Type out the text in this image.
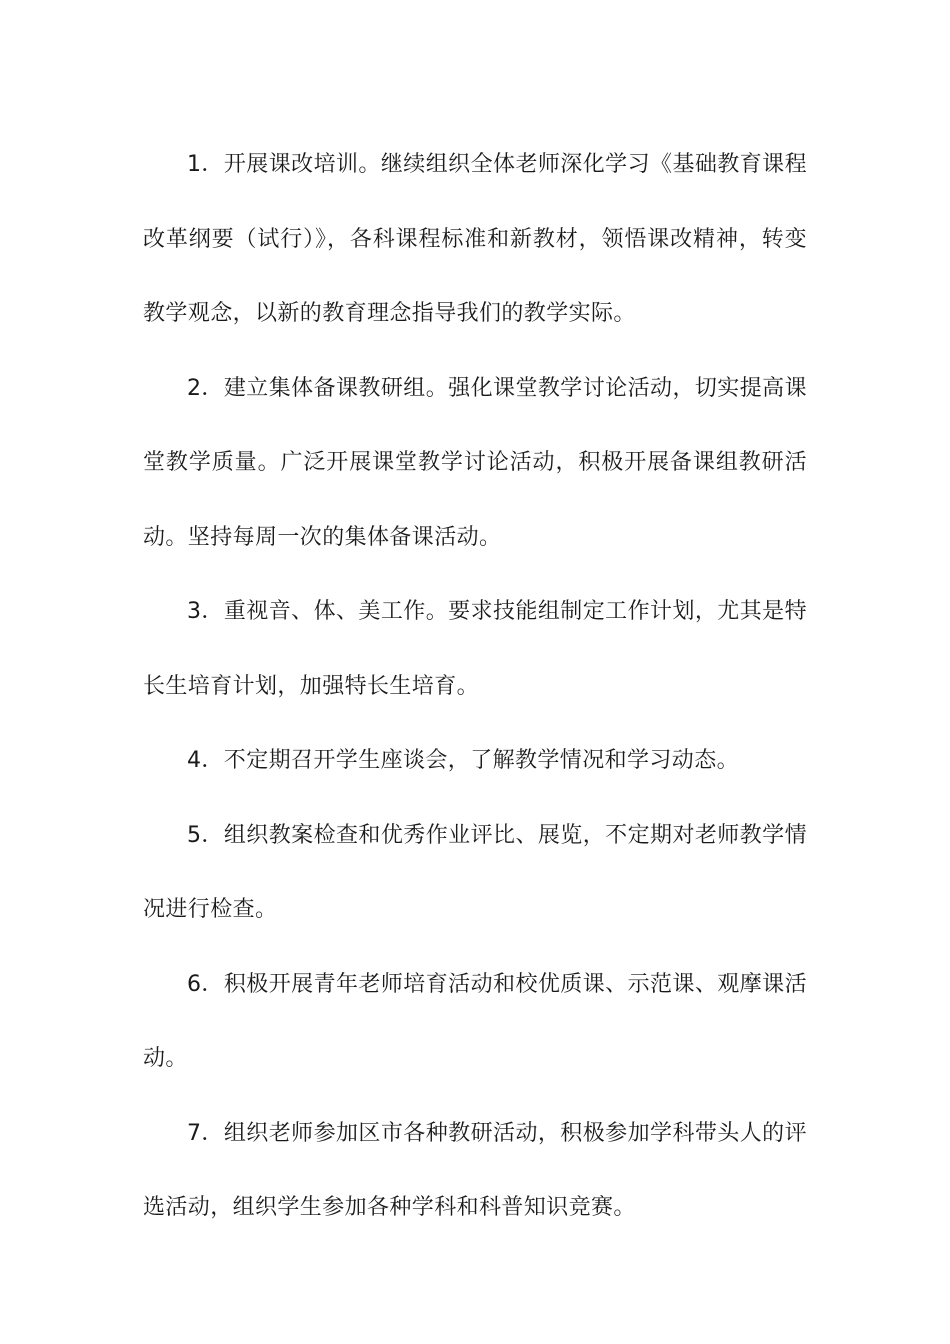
1．开展课改培训。继续组织全体老师深化学习《基础教育课程改革纲要（试行）》，各科课程标准和新教材，领悟课改精神，转变教学观念，以新的教育理念指导我们的教学实际。

2．建立集体备课教研组。强化课堂教学讨论活动，切实提高课堂教学质量。广泛开展课堂教学讨论活动，积极开展备课组教研活动。坚持每周一次的集体备课活动。

3．重视音、体、美工作。要求技能组制定工作计划，尤其是特长生培育计划，加强特长生培育。

4．不定期召开学生座谈会，了解教学情况和学习动态。

5．组织教案检查和优秀作业评比、展览，不定期对老师教学情况进行检查。

6．积极开展青年老师培育活动和校优质课、示范课、观摩课活动。

7．组织老师参加区市各种教研活动，积极参加学科带头人的评选活动，组织学生参加各种学科和科普知识竞赛。
